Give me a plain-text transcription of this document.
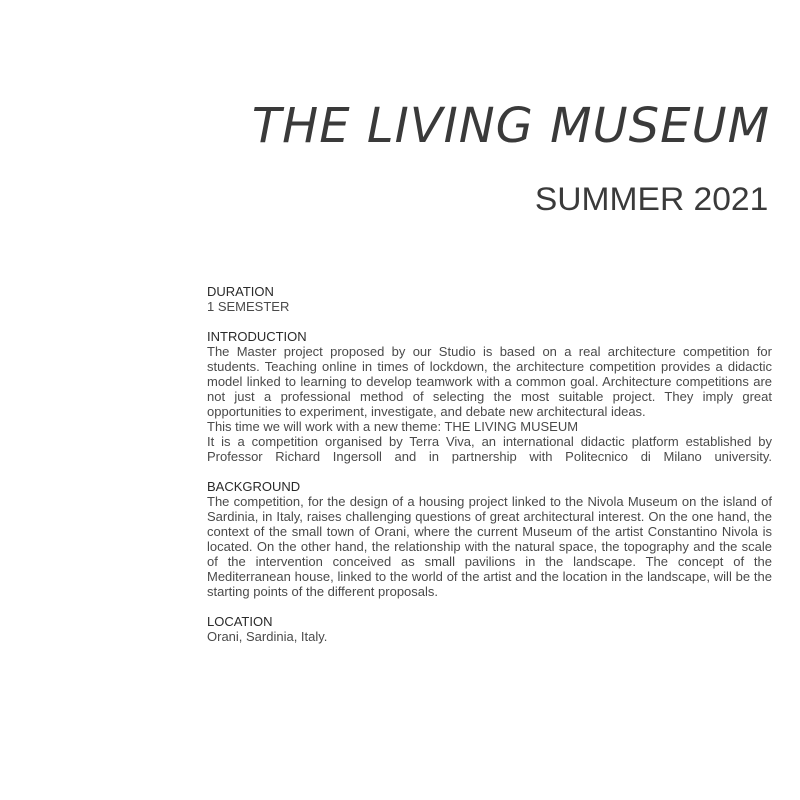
THE LIVING MUSEUM
SUMMER 2021
DURATION

1 SEMESTER

INTRODUCTION

The Master project proposed by our Studio is based on a real architecture competition for students. Teaching online in times of lockdown, the architecture competition provides a didactic model linked to learning to develop teamwork with a common goal. Architecture competitions are not just a professional method of selecting the most suitable project. They imply great opportunities to experiment, investigate, and debate new architectural ideas.

This time we will work with a new theme: THE LIVING MUSEUM

It is a competition organised by Terra Viva, an international didactic platform established by Professor Richard Ingersoll and in partnership with Politecnico di Milano university.

BACKGROUND

The competition, for the design of a housing project linked to the Nivola Museum on the island of Sardinia, in Italy, raises challenging questions of great architectural interest. On the one hand, the context of the small town of Orani, where the current Museum of the artist Constantino Nivola is located. On the other hand, the relationship with the natural space, the topography and the scale of the intervention conceived as small pavilions in the landscape. The concept of the Mediterranean house, linked to the world of the artist and the location in the landscape, will be the starting points of the different proposals.

LOCATION

Orani, Sardinia, Italy.
